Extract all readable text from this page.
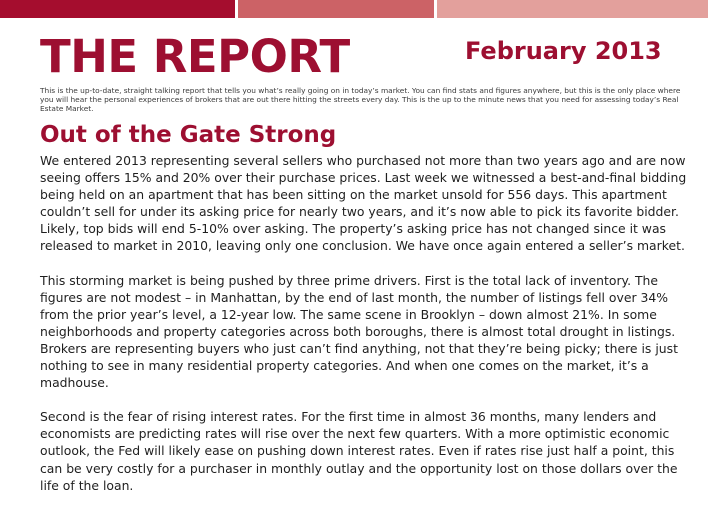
THE REPORT	February 2013
This is the up-to-date, straight talking report that tells you what’s really going on in today’s market. You can find stats and figures anywhere, but this is the only place where you will hear the personal experiences of brokers that are out there hitting the streets every day. This is the up to the minute news that you need for assessing today’s Real Estate Market.
Out of the Gate Strong

We entered 2013 representing several sellers who purchased not more than two years ago and are now seeing offers 15% and 20% over their purchase prices. Last week we witnessed a best-and-final bidding being held on an apartment that has been sitting on the market unsold for 556 days. This apartment couldn’t sell for under its asking price for nearly two years, and it’s now able to pick its favorite bidder. Likely, top bids will end 5-10% over asking. The property’s asking price has not changed since it was released to market in 2010, leaving only one conclusion. We have once again entered a seller’s market.

This storming market is being pushed by three prime drivers. First is the total lack of inventory. The figures are not modest – in Manhattan, by the end of last month, the number of listings fell over 34% from the prior year’s level, a 12-year low. The same scene in Brooklyn – down almost 21%. In some neighborhoods and property categories across both boroughs, there is almost total drought in listings. Brokers are representing buyers who just can’t find anything, not that they’re being picky; there is just nothing to see in many residential property categories. And when one comes on the market, it’s a madhouse.

Second is the fear of rising interest rates. For the first time in almost 36 months, many lenders and economists are predicting rates will rise over the next few quarters. With a more optimistic economic outlook, the Fed will likely ease on pushing down interest rates. Even if rates rise just half a point, this can be very costly for a purchaser in monthly outlay and the opportunity lost on those dollars over the life of the loan.
